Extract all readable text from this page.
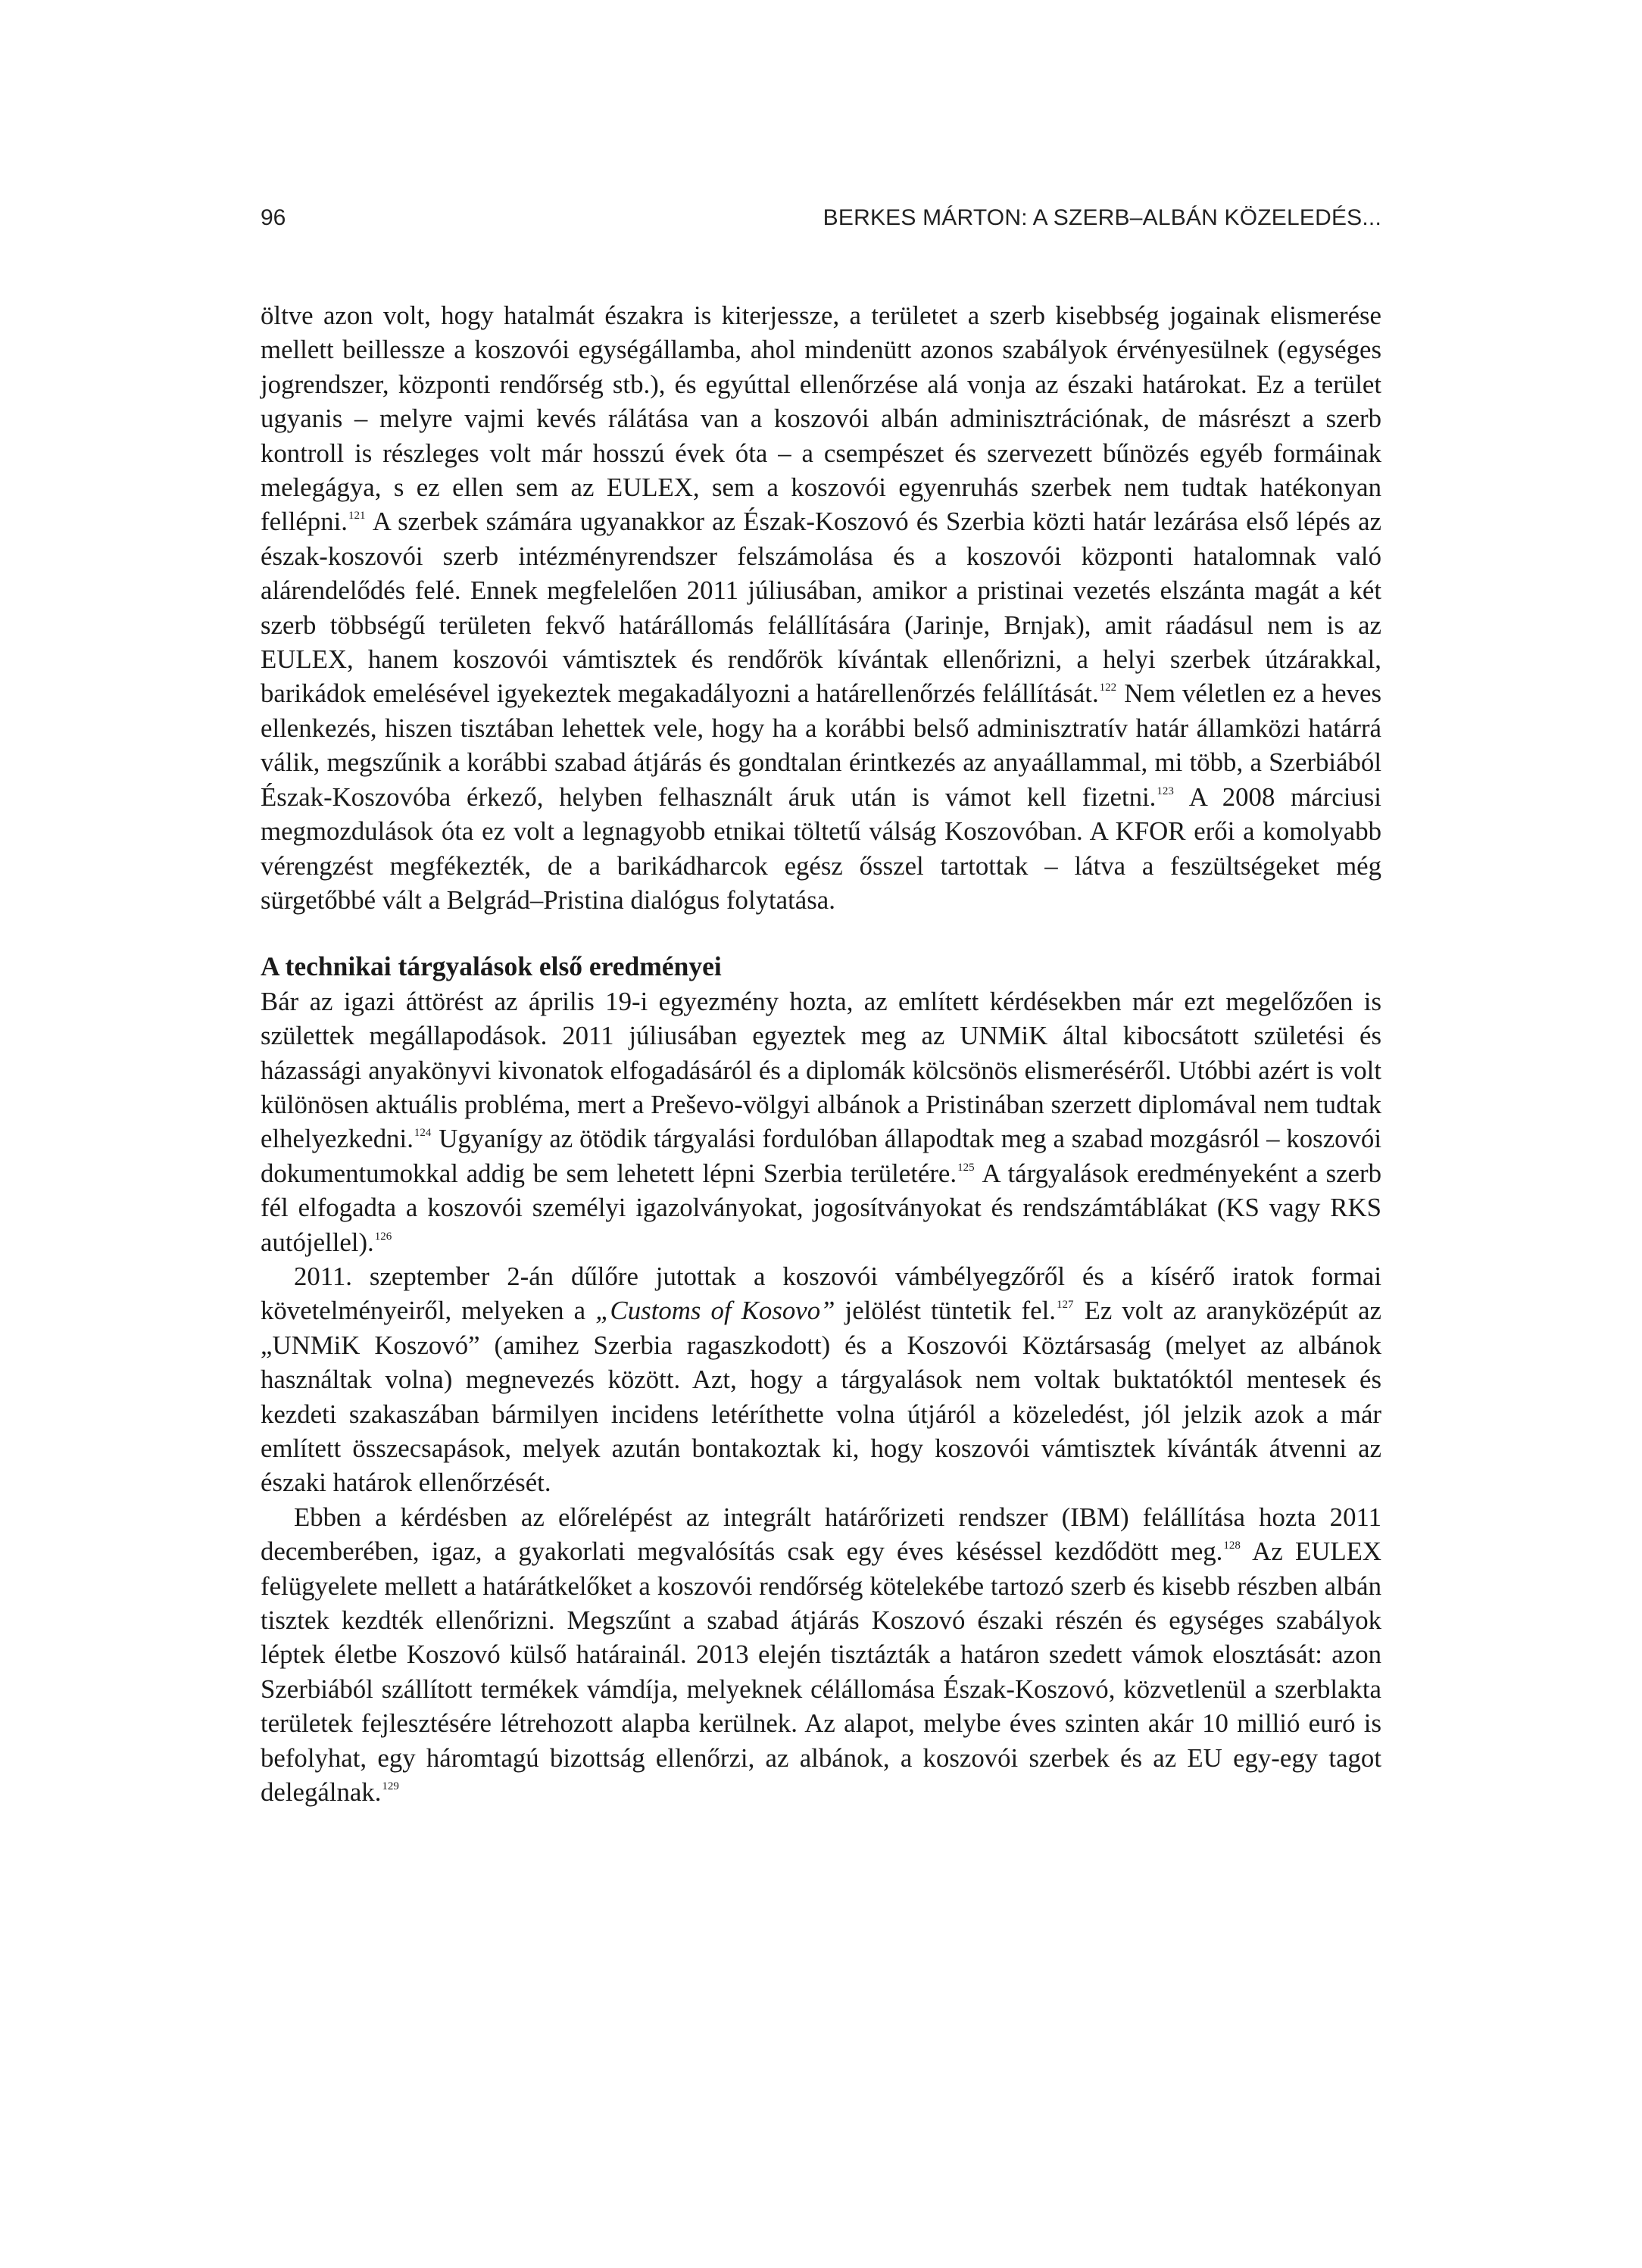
96	BERKES MÁRTON: A SZERB–ALBÁN KÖZELEDÉS...

öltve azon volt, hogy hatalmát északra is kiterjessze, a területet a szerb kisebbség jogainak elismerése mellett beillessze a koszovói egységállamba, ahol mindenütt azonos szabályok érvényesülnek (egységes jogrendszer, központi rendőrség stb.), és egyúttal ellenőrzése alá vonja az északi határokat. Ez a terület ugyanis – melyre vajmi kevés rálátása van a koszovói albán adminisztrációnak, de másrészt a szerb kontroll is részleges volt már hosszú évek óta – a csempészet és szervezett bűnözés egyéb formáinak melegágya, s ez ellen sem az EULEX, sem a koszovói egyenruhás szerbek nem tudtak hatékonyan fellépni.$^{121}$ A szerbek számára ugyanakkor az Észak-Koszovó és Szerbia közti határ lezárása első lépés az észak-koszovói szerb intézményrendszer felszámolása és a koszovói központi hatalomnak való alárendelődés felé. Ennek megfelelően 2011 júliusában, amikor a pristinai vezetés elszánta magát a két szerb többségű területen fekvő határállomás felállítására (Jarinje, Brnjak), amit ráadásul nem is az EULEX, hanem koszovói vámtisztek és rendőrök kívántak ellenőrizni, a helyi szerbek útzárakkal, barikádok emelésével igyekeztek megakadályozni a határellenőrzés felállítását.$^{122}$ Nem véletlen ez a heves ellenkezés, hiszen tisztában lehettek vele, hogy ha a korábbi belső adminisztratív határ államközi határrá válik, megszűnik a korábbi szabad átjárás és gondtalan érintkezés az anyaállammal, mi több, a Szerbiából Észak-Koszovóba érkező, helyben felhasznált áruk után is vámot kell fizetni.$^{123}$ A 2008 márciusi megmozdulások óta ez volt a legnagyobb etnikai töltetű válság Koszovóban. A KFOR erői a komolyabb vérengzést megfékezték, de a barikádharcok egész ősszel tartottak – látva a feszültségeket még sürgetőbbé vált a Belgrád–Pristina dialógus folytatása.

A technikai tárgyalások első eredményei

Bár az igazi áttörést az április 19-i egyezmény hozta, az említett kérdésekben már ezt megelőzően is születtek megállapodások. 2011 júliusában egyeztek meg az UNMiK által kibocsátott születési és házassági anyakönyvi kivonatok elfogadásáról és a diplomák kölcsönös elismeréséről. Utóbbi azért is volt különösen aktuális probléma, mert a Preševo-völgyi albánok a Pristinában szerzett diplomával nem tudtak elhelyezkedni.$^{124}$ Ugyanígy az ötödik tárgyalási fordulóban állapodtak meg a szabad mozgásról – koszovói dokumentumokkal addig be sem lehetett lépni Szerbia területére.$^{125}$ A tárgyalások eredményeként a szerb fél elfogadta a koszovói személyi igazolványokat, jogosítványokat és rendszámtáblákat (KS vagy RKS autójellel).$^{126}$

2011. szeptember 2-án dűlőre jutottak a koszovói vámbélyegzőről és a kísérő iratok formai követelményeiről, melyeken a „Customs of Kosovo” jelölést tüntetik fel.$^{127}$ Ez volt az aranyközépút az „UNMiK Koszovó” (amihez Szerbia ragaszkodott) és a Koszovói Köztársaság (melyet az albánok használtak volna) megnevezés között. Azt, hogy a tárgyalások nem voltak buktatóktól mentesek és kezdeti szakaszában bármilyen incidens letéríthette volna útjáról a közeledést, jól jelzik azok a már említett összecsapások, melyek azután bontakoztak ki, hogy koszovói vámtisztek kívánták átvenni az északi határok ellenőrzését.

Ebben a kérdésben az előrelépést az integrált határőrizeti rendszer (IBM) felállítása hozta 2011 decemberében, igaz, a gyakorlati megvalósítás csak egy éves késéssel kezdődött meg.$^{128}$ Az EULEX felügyelete mellett a határátkelőket a koszovói rendőrség kötelekébe tartozó szerb és kisebb részben albán tisztek kezdték ellenőrizni. Megszűnt a szabad átjárás Koszovó északi részén és egységes szabályok léptek életbe Koszovó külső határainál. 2013 elején tisztázták a határon szedett vámok elosztását: azon Szerbiából szállított termékek vámdíja, melyeknek célállomása Észak-Koszovó, közvetlenül a szerblakta területek fejlesztésére létrehozott alapba kerülnek. Az alapot, melybe éves szinten akár 10 millió euró is befolyhat, egy háromtagú bizottság ellenőrzi, az albánok, a koszovói szerbek és az EU egy-egy tagot delegálnak.$^{129}$
